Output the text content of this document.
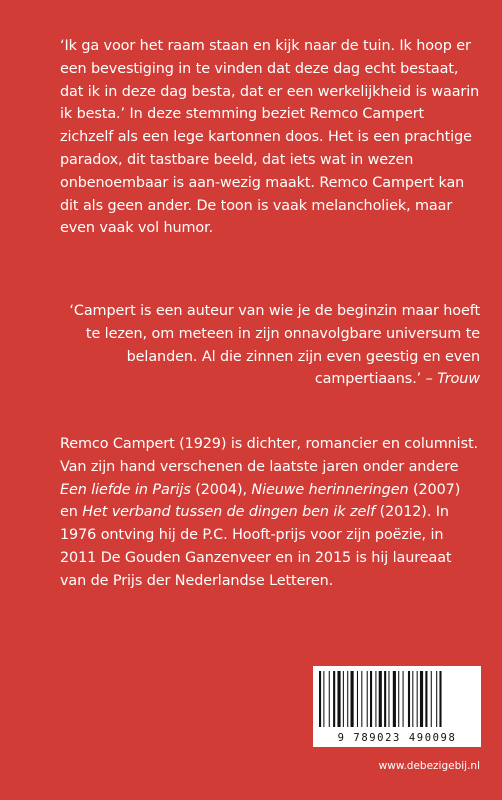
‘Ik ga voor het raam staan en kijk naar de tuin. Ik hoop er een bevestiging in te vinden dat deze dag echt bestaat, dat ik in deze dag besta, dat er een werkelijkheid is waarin ik besta.’ In deze stemming beziet Remco Campert zichzelf als een lege kartonnen doos. Het is een prachtige paradox, dit tastbare beeld, dat iets wat in wezen onbenoembaar is aan-wezig maakt. Remco Campert kan dit als geen ander. De toon is vaak melancholiek, maar even vaak vol humor.

‘Campert is een auteur van wie je de beginzin maar hoeft te lezen, om meteen in zijn onnavolgbare universum te belanden. Al die zinnen zijn even geestig en even campertiaans.’ – Trouw

Remco Campert (1929) is dichter, romancier en columnist. Van zijn hand verschenen de laatste jaren onder andere Een liefde in Parijs (2004), Nieuwe herinneringen (2007) en Het verband tussen de dingen ben ik zelf (2012). In 1976 ontving hij de P.C. Hooft-prijs voor zijn poëzie, in 2011 De Gouden Ganzenveer en in 2015 is hij laureaat van de Prijs der Nederlandse Letteren.

9 789023 490098
www.debezigebij.nl
